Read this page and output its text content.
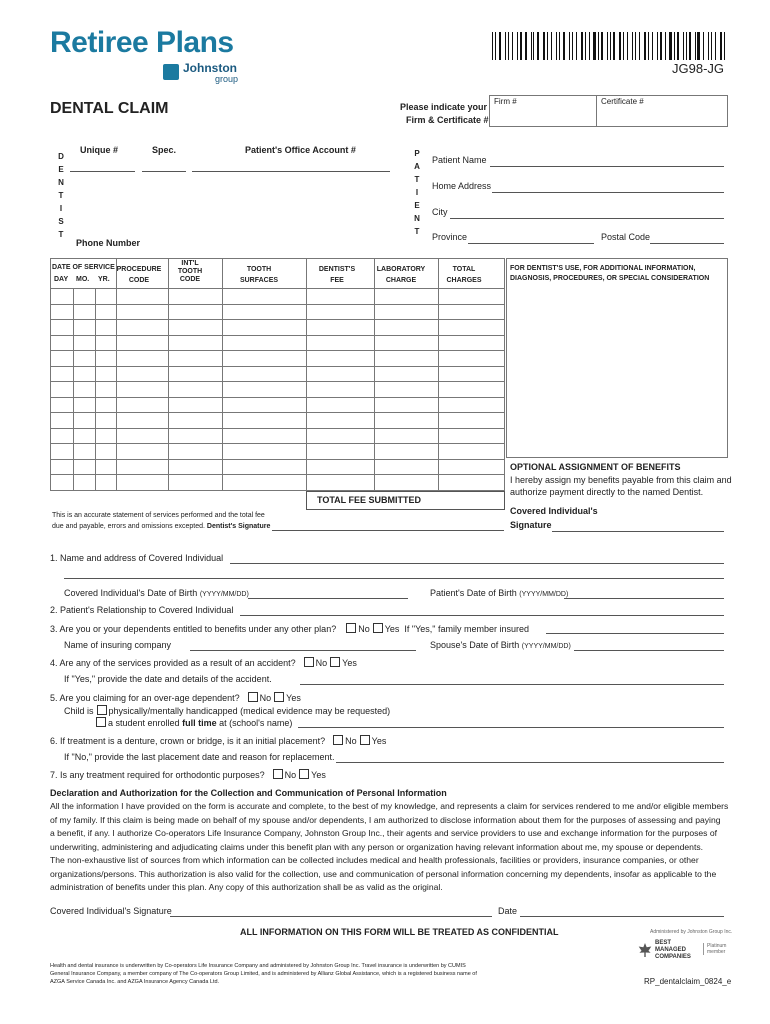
Retiree Plans
Johnston
group
JG98-JG
DENTAL CLAIM	Please indicate your
Firm & Certificate #
Firm #	Certificate #
D
E
N
T
I
S
T
Unique #	Spec.	Patient's Office Account #
Phone Number
P
A
T
I
E
N
T
Patient Name
Home Address
City
Province	Postal Code

DATE OF SERVICE
DAY MO. YR.
PROCEDURE
CODE
INT'L
TOOTH
CODE
TOOTH
SURFACES
DENTIST'S
FEE
LABORATORY
CHARGE
TOTAL
CHARGES
TOTAL FEE SUBMITTED
This is an accurate statement of services performed and the total fee
due and payable, errors and omissions excepted. Dentist's Signature
FOR DENTIST'S USE, FOR ADDITIONAL INFORMATION, DIAGNOSIS, PROCEDURES, OR SPECIAL CONSIDERATION
OPTIONAL ASSIGNMENT OF BENEFITS
I hereby assign my benefits payable from this claim and
authorize payment directly to the named Dentist.
Covered Individual's
Signature
1. Name and address of Covered Individual
Covered Individual's Date of Birth (YYYY/MM/DD)	Patient's Date of Birth (YYYY/MM/DD)
2. Patient's Relationship to Covered Individual
3. Are you or your dependents entitled to benefits under any other plan? No Yes If "Yes," family member insured
Name of insuring company	Spouse's Date of Birth (YYYY/MM/DD)
4. Are any of the services provided as a result of an accident? No Yes
If "Yes," provide the date and details of the accident.
5. Are you claiming for an over-age dependent? No Yes
Child is physically/mentally handicapped (medical evidence may be requested)
a student enrolled full time at (school's name)
6. If treatment is a denture, crown or bridge, is it an initial placement? No Yes
If "No," provide the last placement date and reason for replacement.
7. Is any treatment required for orthodontic purposes? No Yes
Declaration and Authorization for the Collection and Communication of Personal Information
All the information I have provided on the form is accurate and complete, to the best of my knowledge, and represents a claim for services rendered to me and/or eligible members
of my family. If this claim is being made on behalf of my spouse and/or dependents, I am authorized to disclose information about them for the purposes of assessing and paying
a benefit, if any. I authorize Co-operators Life Insurance Company, Johnston Group Inc., their agents and service providers to use and exchange information for the purposes of
underwriting, administering and adjudicating claims under this benefit plan with any person or organization having relevant information about me, my spouse or dependents.
The non-exhaustive list of sources from which information can be collected includes medical and health professionals, facilities or providers, insurance companies, or other
organizations/persons. This authorization is also valid for the collection, use and communication of personal information concerning my dependents, insofar as applicable to the
administration of benefits under this plan. Any copy of this authorization shall be as valid as the original.
Covered Individual's Signature	Date
ALL INFORMATION ON THIS FORM WILL BE TREATED AS CONFIDENTIAL
Health and dental insurance is underwritten by Co-operators Life Insurance Company and administered by Johnston Group Inc. Travel insurance is underwritten by CUMIS
General Insurance Company, a member company of The Co-operators Group Limited, and is administered by Allianz Global Assistance, which is a registered business name of
AZGA Service Canada Inc. and AZGA Insurance Agency Canada Ltd.
Administered by Johnston Group Inc.
BEST
MANAGED
COMPANIES
Platinum
member
RP_dentalclaim_0824_e
